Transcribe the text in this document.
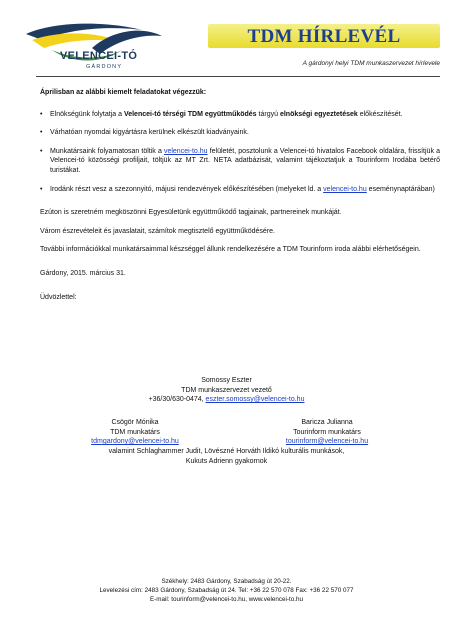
VELENCEI-TÓ
GÁRDONY
TDM HÍRLEVÉL
A gárdonyi helyi TDM munkaszervezet hírlevele

Áprilisban az alábbi kiemelt feladatokat végezzük:

• Elnökségünk folytatja a Velencei-tó térségi TDM együttműködés tárgyú elnökségi egyeztetések előkészítését.
• Várhatóan nyomdai kigyártásra kerülnek elkészült kiadványaink.
• Munkatársaink folyamatosan töltik a velencei-to.hu felületét, posztolunk a Velencei-tó hivatalos Facebook oldalára, frissítjük a Velencei-tó közösségi profiljait, töltjük az MT Zrt. NETA adatbázisát, valamint tájékoztatjuk a Tourinform Irodába betérő turistákat.
• Irodánk részt vesz a szezonnyitó, májusi rendezvények előkészítésében (melyeket ld. a velencei-to.hu eseménynaptárában)

Ezúton is szeretném megköszönni Egyesületünk együttműködő tagjainak, partnereinek munkáját.

Várom észrevételeit és javaslatait, számítok megtisztelő együttműködésére.

További információkkal munkatársaimmal készséggel állunk rendelkezésére a TDM Tourinform iroda alábbi elérhetőségein.

Gárdony, 2015. március 31.

Üdvözlettel:

Somossy Eszter
TDM munkaszervezet vezető
+36/30/630-0474, eszter.somossy@velencei-to.hu
Csögör Mónika
TDM munkatárs
tdmgardony@velencei-to.hu
Baricza Julianna
Tourinform munkatárs
tourinform@velencei-to.hu
valamint Schlaghammer Judit, Lövészné Horváth Ildikó kulturális munkások,
Kukuts Adrienn gyakornok
Székhely: 2483 Gárdony, Szabadság út 20-22.
Levelezési cím: 2483 Gárdony, Szabadság út 24. Tel: +36 22 570 078 Fax: +36 22 570 077
E-mail: tourinform@velencei-to.hu, www.velencei-to.hu
